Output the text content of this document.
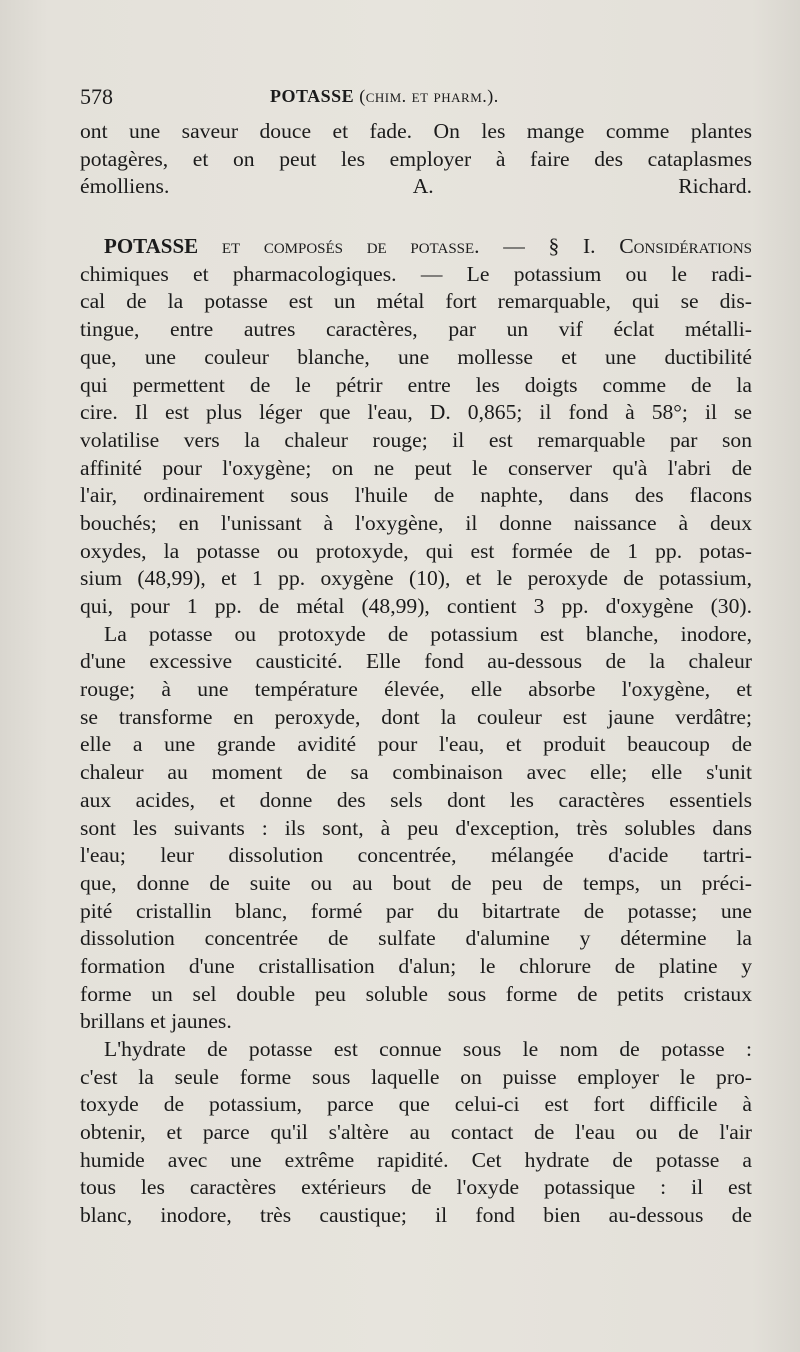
578	POTASSE (chim. et pharm.).
ont une saveur douce et fade. On les mange comme plantes
potagères, et on peut les employer à faire des cataplasmes
émolliens. A. Richard.
POTASSE et composés de potasse. — § I. Considérations
chimiques et pharmacologiques. — Le potassium ou le radi-
cal de la potasse est un métal fort remarquable, qui se dis-
tingue, entre autres caractères, par un vif éclat métalli-
que, une couleur blanche, une mollesse et une ductibilité
qui permettent de le pétrir entre les doigts comme de la
cire. Il est plus léger que l'eau, D. 0,865; il fond à 58°; il se
volatilise vers la chaleur rouge; il est remarquable par son
affinité pour l'oxygène; on ne peut le conserver qu'à l'abri de
l'air, ordinairement sous l'huile de naphte, dans des flacons
bouchés; en l'unissant à l'oxygène, il donne naissance à deux
oxydes, la potasse ou protoxyde, qui est formée de 1 pp. potas-
sium (48,99), et 1 pp. oxygène (10), et le peroxyde de potassium,
qui, pour 1 pp. de métal (48,99), contient 3 pp. d'oxygène (30).
La potasse ou protoxyde de potassium est blanche, inodore,
d'une excessive causticité. Elle fond au-dessous de la chaleur
rouge; à une température élevée, elle absorbe l'oxygène, et
se transforme en peroxyde, dont la couleur est jaune verdâtre;
elle a une grande avidité pour l'eau, et produit beaucoup de
chaleur au moment de sa combinaison avec elle; elle s'unit
aux acides, et donne des sels dont les caractères essentiels
sont les suivants : ils sont, à peu d'exception, très solubles dans
l'eau; leur dissolution concentrée, mélangée d'acide tartri-
que, donne de suite ou au bout de peu de temps, un préci-
pité cristallin blanc, formé par du bitartrate de potasse; une
dissolution concentrée de sulfate d'alumine y détermine la
formation d'une cristallisation d'alun; le chlorure de platine y
forme un sel double peu soluble sous forme de petits cristaux
brillans et jaunes.
L'hydrate de potasse est connue sous le nom de potasse :
c'est la seule forme sous laquelle on puisse employer le pro-
toxyde de potassium, parce que celui-ci est fort difficile à
obtenir, et parce qu'il s'altère au contact de l'eau ou de l'air
humide avec une extrême rapidité. Cet hydrate de potasse a
tous les caractères extérieurs de l'oxyde potassique : il est
blanc, inodore, très caustique; il fond bien au-dessous de
